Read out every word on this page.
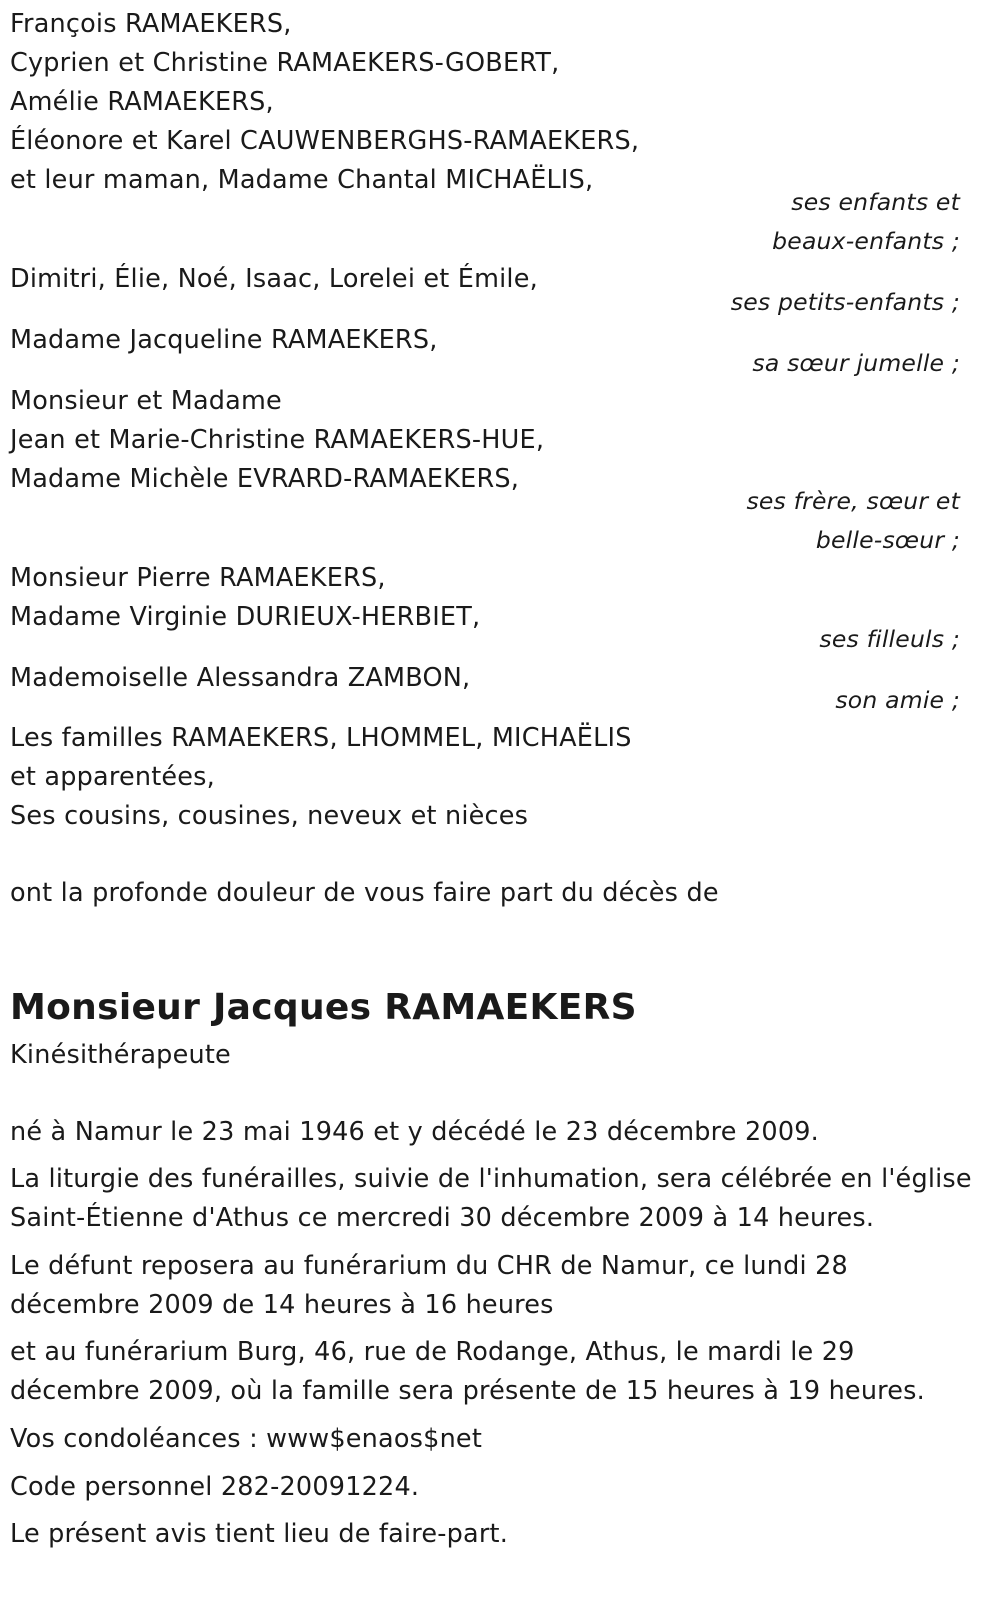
François RAMAEKERS,
Cyprien et Christine RAMAEKERS-GOBERT,
Amélie RAMAEKERS,
Éléonore et Karel CAUWENBERGHS-RAMAEKERS,
et leur maman, Madame Chantal MICHAËLIS,
ses enfants et
beaux-enfants ;
Dimitri, Élie, Noé, Isaac, Lorelei et Émile,
ses petits-enfants ;
Madame Jacqueline RAMAEKERS,
sa sœur jumelle ;
Monsieur et Madame
Jean et Marie-Christine RAMAEKERS-HUE,
Madame Michèle EVRARD-RAMAEKERS,
ses frère, sœur et
belle-sœur ;
Monsieur Pierre RAMAEKERS,
Madame Virginie DURIEUX-HERBIET,
ses filleuls ;
Mademoiselle Alessandra ZAMBON,
son amie ;
Les familles RAMAEKERS, LHOMMEL, MICHAËLIS
et apparentées,
Ses cousins, cousines, neveux et nièces
ont la profonde douleur de vous faire part du décès de
Monsieur Jacques RAMAEKERS
Kinésithérapeute
né à Namur le 23 mai 1946 et y décédé le 23 décembre 2009.
La liturgie des funérailles, suivie de l'inhumation, sera célébrée en l'église
Saint-Étienne d'Athus ce mercredi 30 décembre 2009 à 14 heures.
Le défunt reposera au funérarium du CHR de Namur, ce lundi 28
décembre 2009 de 14 heures à 16 heures
et au funérarium Burg, 46, rue de Rodange, Athus, le mardi le 29
décembre 2009, où la famille sera présente de 15 heures à 19 heures.
Vos condoléances : www$enaos$net
Code personnel 282-20091224.
Le présent avis tient lieu de faire-part.
